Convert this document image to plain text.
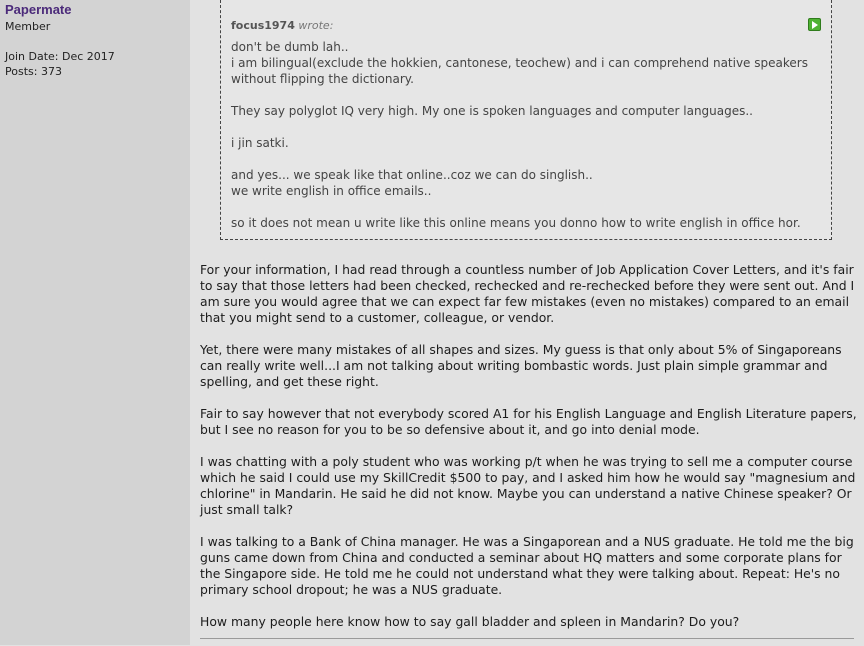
Papermate
Member
Join Date: Dec 2017
Posts: 373
focus1974 wrote:
don't be dumb lah..
i am bilingual(exclude the hokkien, cantonese, teochew) and i can comprehend native speakers
without flipping the dictionary.
They say polyglot IQ very high. My one is spoken languages and computer languages..
i jin satki.
and yes... we speak like that online..coz we can do singlish..
we write english in office emails..
so it does not mean u write like this online means you donno how to write english in office hor.

For your information, I had read through a countless number of Job Application Cover Letters, and it's fair to say that those letters had been checked, rechecked and re-rechecked before they were sent out. And I am sure you would agree that we can expect far few mistakes (even no mistakes) compared to an email that you might send to a customer, colleague, or vendor.

Yet, there were many mistakes of all shapes and sizes. My guess is that only about 5% of Singaporeans can really write well...I am not talking about writing bombastic words. Just plain simple grammar and spelling, and get these right.

Fair to say however that not everybody scored A1 for his English Language and English Literature papers, but I see no reason for you to be so defensive about it, and go into denial mode.

I was chatting with a poly student who was working p/t when he was trying to sell me a computer course which he said I could use my SkillCredit $500 to pay, and I asked him how he would say "magnesium and chlorine" in Mandarin. He said he did not know. Maybe you can understand a native Chinese speaker? Or just small talk?

I was talking to a Bank of China manager. He was a Singaporean and a NUS graduate. He told me the big guns came down from China and conducted a seminar about HQ matters and some corporate plans for the Singapore side. He told me he could not understand what they were talking about. Repeat: He's no primary school dropout; he was a NUS graduate.

How many people here know how to say gall bladder and spleen in Mandarin? Do you?
